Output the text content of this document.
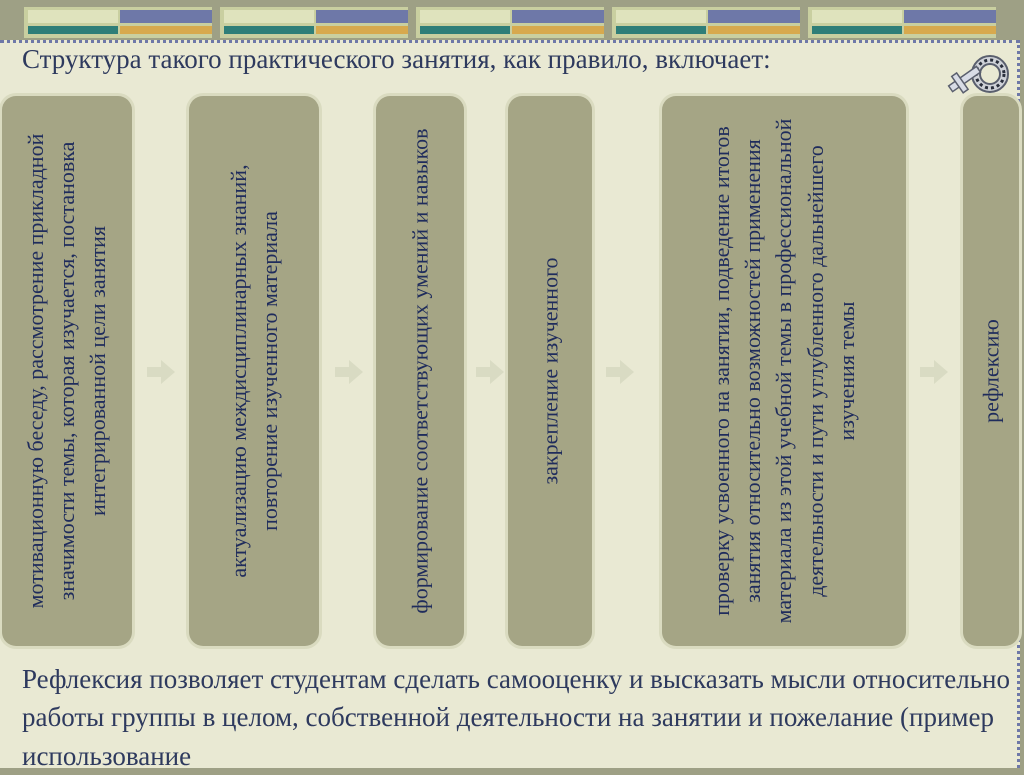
Структура такого практического занятия, как правило, включает:
мотивационную беседу, рассмотрение прикладной значимости темы, которая изучается, постановка интегрированной цели занятия	актуализацию междисциплинарных знаний, повторение изученного материала	формирование соответствующих умений и навыков	закрепление изученного	проверку усвоенного на занятии, подведение итогов занятия относительно возможностей применения материала из этой учебной темы в профессиональной деятельности и пути углубленного дальнейшего изучения темы	рефлексию
Рефлексия позволяет студентам сделать самооценку и высказать мысли относительно работы группы в целом, собственной деятельности на занятии и пожелание (пример использование
